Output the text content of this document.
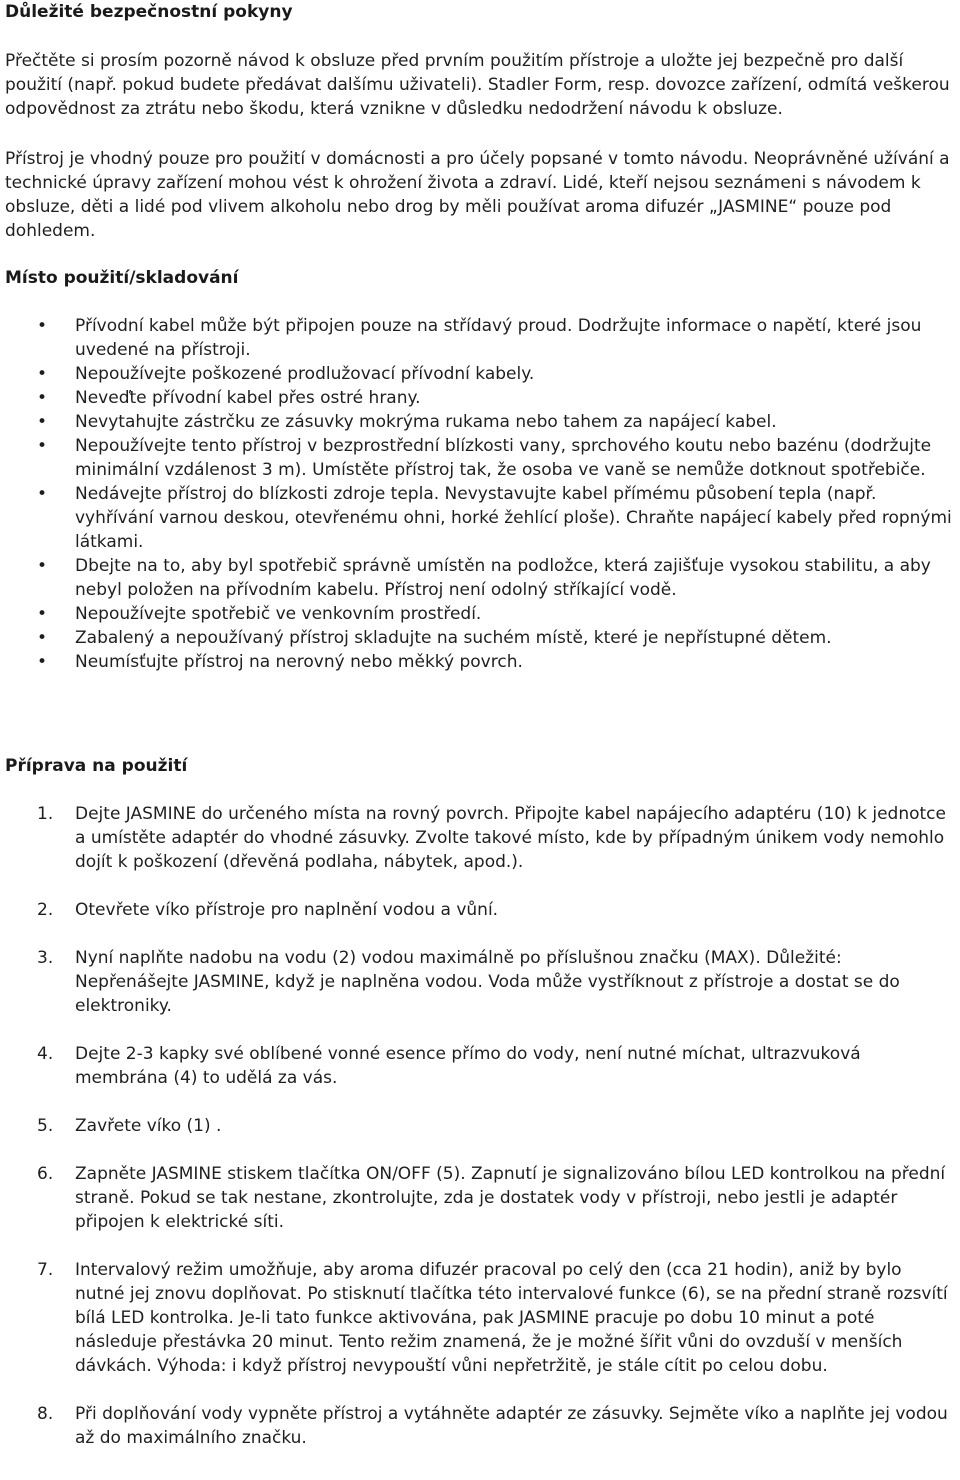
Důležité bezpečnostní pokyny

Přečtěte si prosím pozorně návod k obsluze před prvním použitím přístroje a uložte jej bezpečně pro další použití (např. pokud budete předávat dalšímu uživateli). Stadler Form, resp. dovozce zařízení, odmítá veškerou odpovědnost za ztrátu nebo škodu, která vznikne v důsledku nedodržení návodu k obsluze.

Přístroj je vhodný pouze pro použití v domácnosti a pro účely popsané v tomto návodu. Neoprávněné užívání a technické úpravy zařízení mohou vést k ohrožení života a zdraví. Lidé, kteří nejsou seznámeni s návodem k obsluze, děti a lidé pod vlivem alkoholu nebo drog by měli používat aroma difuzér „JASMINE“ pouze pod dohledem.

Místo použití/skladování
• Přívodní kabel může být připojen pouze na střídavý proud. Dodržujte informace o napětí, které jsou uvedené na přístroji.
• Nepoužívejte poškozené prodlužovací přívodní kabely.
• Neveďte přívodní kabel přes ostré hrany.
• Nevytahujte zástrčku ze zásuvky mokrýma rukama nebo tahem za napájecí kabel.
• Nepoužívejte tento přístroj v bezprostřední blízkosti vany, sprchového koutu nebo bazénu (dodržujte minimální vzdálenost 3 m). Umístěte přístroj tak, že osoba ve vaně se nemůže dotknout spotřebiče.
• Nedávejte přístroj do blízkosti zdroje tepla. Nevystavujte kabel přímému působení tepla (např. vyhřívání varnou deskou, otevřenému ohni, horké žehlící ploše). Chraňte napájecí kabely před ropnými látkami.
• Dbejte na to, aby byl spotřebič správně umístěn na podložce, která zajišťuje vysokou stabilitu, a aby nebyl položen na přívodním kabelu. Přístroj není odolný stříkající vodě.
• Nepoužívejte spotřebič ve venkovním prostředí.
• Zabalený a nepoužívaný přístroj skladujte na suchém místě, které je nepřístupné dětem.
• Neumísťujte přístroj na nerovný nebo měkký povrch.
Příprava na použití
1. Dejte JASMINE do určeného místa na rovný povrch. Připojte kabel napájecího adaptéru (10) k jednotce a umístěte adaptér do vhodné zásuvky. Zvolte takové místo, kde by případným únikem vody nemohlo dojít k poškození (dřevěná podlaha, nábytek, apod.).
2. Otevřete víko přístroje pro naplnění vodou a vůní.
3. Nyní naplňte nadobu na vodu (2) vodou maximálně po příslušnou značku (MAX). Důležité: Nepřenášejte JASMINE, když je naplněna vodou. Voda může vystříknout z přístroje a dostat se do elektroniky.
4. Dejte 2-3 kapky své oblíbené vonné esence přímo do vody, není nutné míchat, ultrazvuková membrána (4) to udělá za vás.
5. Zavřete víko (1) .
6. Zapněte JASMINE stiskem tlačítka ON/OFF (5). Zapnutí je signalizováno bílou LED kontrolkou na přední straně. Pokud se tak nestane, zkontrolujte, zda je dostatek vody v přístroji, nebo jestli je adaptér připojen k elektrické síti.
7. Intervalový režim umožňuje, aby aroma difuzér pracoval po celý den (cca 21 hodin), aniž by bylo nutné jej znovu doplňovat. Po stisknutí tlačítka této intervalové funkce (6), se na přední straně rozsvítí bílá LED kontrolka. Je-li tato funkce aktivována, pak JASMINE pracuje po dobu 10 minut a poté následuje přestávka 20 minut. Tento režim znamená, že je možné šířit vůni do ovzduší v menších dávkách. Výhoda: i když přístroj nevypouští vůni nepřetržitě, je stále cítit po celou dobu.
8. Při doplňování vody vypněte přístroj a vytáhněte adaptér ze zásuvky. Sejměte víko a naplňte jej vodou až do maximálního značku.
